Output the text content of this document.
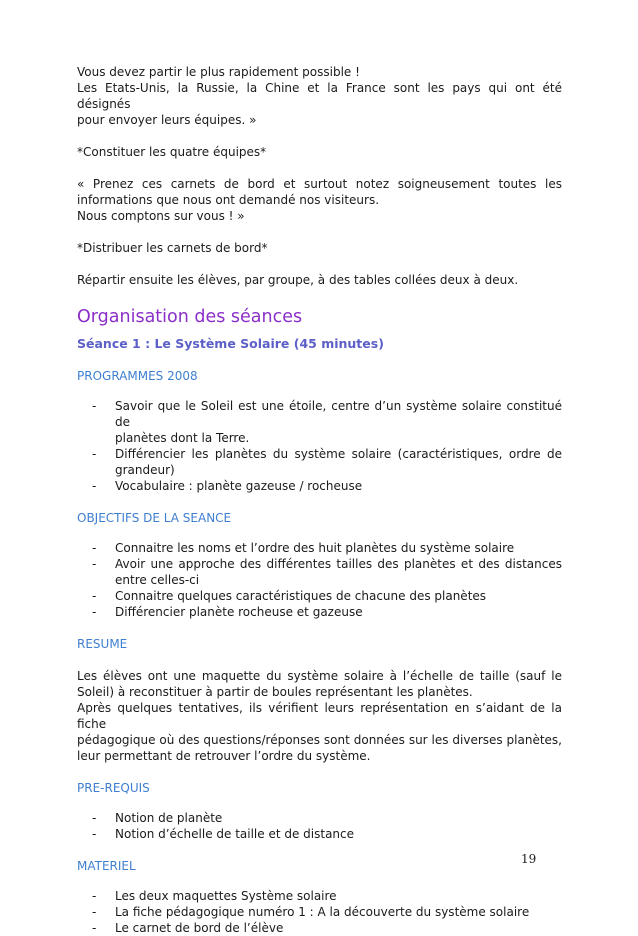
Vous devez partir le plus rapidement possible !

Les Etats-Unis, la Russie, la Chine et la France sont les pays qui ont été désignés

pour envoyer leurs équipes. »

*Constituer les quatre équipes*

« Prenez ces carnets de bord et surtout notez soigneusement toutes les

informations que nous ont demandé nos visiteurs.

Nous comptons sur vous ! »

*Distribuer les carnets de bord*

Répartir ensuite les élèves, par groupe, à des tables collées deux à deux.

Organisation des séances

Séance 1 : Le Système Solaire (45 minutes)

PROGRAMMES 2008

- Savoir que le Soleil est une étoile, centre d’un système solaire constitué de
planètes dont la Terre.
- Différencier les planètes du système solaire (caractéristiques, ordre de
grandeur)
- Vocabulaire : planète gazeuse / rocheuse

OBJECTIFS DE LA SEANCE

- Connaitre les noms et l’ordre des huit planètes du système solaire
- Avoir une approche des différentes tailles des planètes et des distances
entre celles-ci
- Connaitre quelques caractéristiques de chacune des planètes
- Différencier planète rocheuse et gazeuse

RESUME

Les élèves ont une maquette du système solaire à l’échelle de taille (sauf le

Soleil) à reconstituer à partir de boules représentant les planètes.

Après quelques tentatives, ils vérifient leurs représentation en s’aidant de la fiche

pédagogique où des questions/réponses sont données sur les diverses planètes,

leur permettant de retrouver l’ordre du système.

PRE-REQUIS

- Notion de planète
- Notion d’échelle de taille et de distance

MATERIEL

- Les deux maquettes Système solaire
- La fiche pédagogique numéro 1 : A la découverte du système solaire
- Le carnet de bord de l’élève
19
